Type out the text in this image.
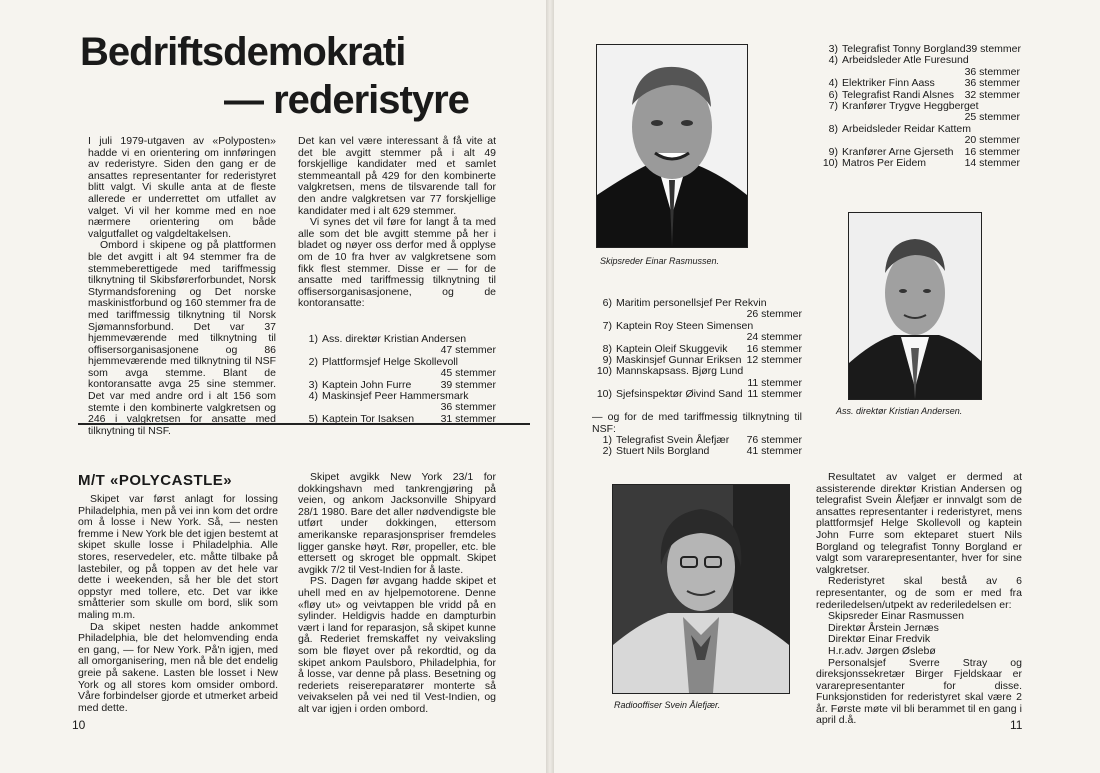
Bedriftsdemokrati
— rederistyre

I juli 1979-utgaven av «Polyposten» hadde vi en orientering om innføringen av rederistyre. Siden den gang er de ansattes representanter for rederistyret blitt valgt. Vi skulle anta at de fleste allerede er underrettet om utfallet av valget. Vi vil her komme med en noe nærmere orientering om både valgutfallet og valgdeltakelsen.

Ombord i skipene og på plattformen ble det avgitt i alt 94 stemmer fra de stemmeberettigede med tariffmessig tilknytning til Skibsførerforbundet, Norsk Styrmandsforening og Det norske maskinistforbund og 160 stemmer fra de med tariffmessig tilknytning til Norsk Sjømannsforbund. Det var 37 hjemmeværende med tilknytning til offisersorganisasjonene og 86 hjemmeværende med tilknytning til NSF som avga stemme. Blant de kontoransatte avga 25 sine stemmer. Det var med andre ord i alt 156 som stemte i den kombinerte valgkretsen og 246 i valgkretsen for ansatte med tilknytning til NSF.

Det kan vel være interessant å få vite at det ble avgitt stemmer på i alt 49 forskjellige kandidater med et samlet stemmeantall på 429 for den kombinerte valgkretsen, mens de tilsvarende tall for den andre valgkretsen var 77 forskjellige kandidater med i alt 629 stemmer.

Vi synes det vil føre for langt å ta med alle som det ble avgitt stemme på her i bladet og nøyer oss derfor med å opplyse om de 10 fra hver av valgkretsene som fikk flest stemmer. Disse er — for de ansatte med tariffmessig tilknytning til offisersorganisasjonene, og de kontoransatte:

1) Ass. direktør Kristian Andersen
47 stemmer
2) Plattformsjef Helge Skollevoll
45 stemmer
3) Kaptein John Furre	39 stemmer
4) Maskinsjef Peer Hammersmark
36 stemmer
5) Kaptein Tor Isaksen	31 stemmer
M/T «POLYCASTLE»

Skipet var først anlagt for lossing Philadelphia, men på vei inn kom det ordre om å losse i New York. Så, — nesten fremme i New York ble det igjen bestemt at skipet skulle losse i Philadelphia. Alle stores, reservedeler, etc. måtte tilbake på lastebiler, og på toppen av det hele var dette i weekenden, så her ble det stort oppstyr med tollere, etc. Det var ikke småtterier som skulle om bord, slik som maling m.m.

Da skipet nesten hadde ankommet Philadelphia, ble det helomvending enda en gang, — for New York. På'n igjen, med all omorganisering, men nå ble det endelig greie på sakene. Lasten ble losset i New York og all stores kom omsider ombord. Våre forbindelser gjorde et utmerket arbeid med dette.

Skipet avgikk New York 23/1 for dokkingshavn med tankrengjøring på veien, og ankom Jacksonville Shipyard 28/1 1980. Bare det aller nødvendigste ble utført under dokkingen, ettersom amerikanske reparasjonspriser fremdeles ligger ganske høyt. Rør, propeller, etc. ble ettersett og skroget ble oppmalt. Skipet avgikk 7/2 til Vest-Indien for å laste.

PS. Dagen før avgang hadde skipet et uhell med en av hjelpemotorene. Denne «fløy ut» og veivtappen ble vridd på en sylinder. Heldigvis hadde en dampturbin vært i land for reparasjon, så skipet kunne gå. Rederiet fremskaffet ny veivaksling som ble fløyet over på rekordtid, og da skipet ankom Paulsboro, Philadelphia, for å losse, var denne på plass. Besetning og rederiets reisereparatører monterte så veivakselen på vei ned til Vest-Indien, og alt var igjen i orden ombord.

10
Skipsreder Einar Rasmussen.
3) Telegrafist Tonny Borgland 39 stemmer
4) Arbeidsleder Atle Furesund
36 stemmer
4) Elektriker Finn Aass	36 stemmer
6) Telegrafist Randi Alsnes 32 stemmer
7) Kranfører Trygve Heggberget
25 stemmer
8) Arbeidsleder Reidar Kattem
20 stemmer
9) Kranfører Arne Gjerseth 16 stemmer
10) Matros Per Eidem	14 stemmer
Ass. direktør Kristian Andersen.
6) Maritim personellsjef Per Rekvin
26 stemmer
7) Kaptein Roy Steen Simensen
24 stemmer
8) Kaptein Oleif Skuggevik 16 stemmer
9) Maskinsjef Gunnar Eriksen 12 stemmer
10) Mannskapsass. Bjørg Lund
11 stemmer
10) Sjefsinspektør Øivind Sand 11 stemmer

— og for de med tariffmessig tilknytning til NSF:

1) Telegrafist Svein Ålefjær 76 stemmer
2) Stuert Nils Borgland	41 stemmer
Radiooffiser Svein Ålefjær.

Resultatet av valget er dermed at assisterende direktør Kristian Andersen og telegrafist Svein Ålefjær er innvalgt som de ansattes representanter i rederistyret, mens plattformsjef Helge Skollevoll og kaptein John Furre som ekteparet stuert Nils Borgland og telegrafist Tonny Borgland er valgt som vararepresentanter, hver for sine valgkretser.

Rederistyret skal bestå av 6 representanter, og de som er med fra rederiledelsen/utpekt av rederiledelsen er:

Skipsreder Einar Rasmussen

Direktør Årstein Jernæs

Direktør Einar Fredvik

H.r.adv. Jørgen Øslebø

Personalsjef Sverre Stray og direksjonssekretær Birger Fjeldskaar er vararepresentanter for disse. Funksjonstiden for rederistyret skal være 2 år. Første møte vil bli berammet til en gang i april d.å.	11
